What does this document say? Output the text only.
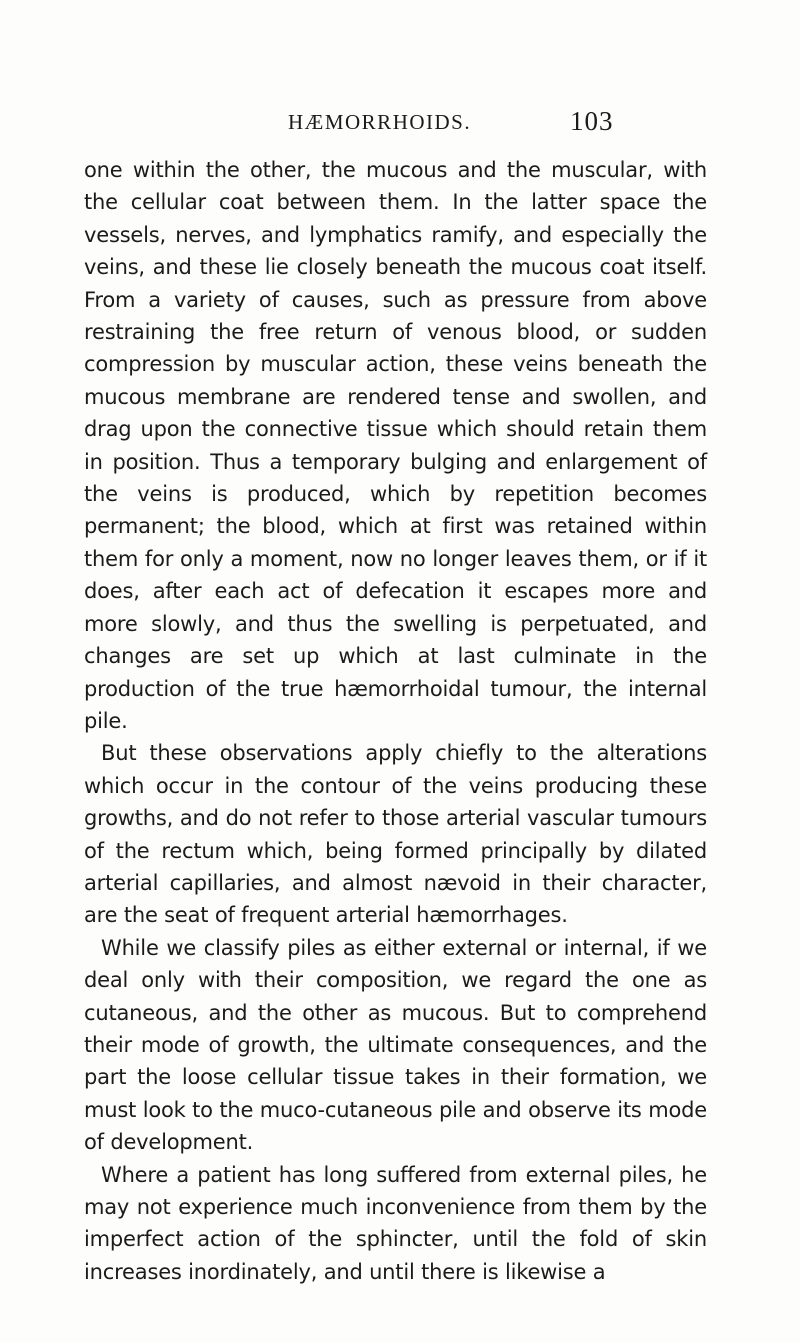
HÆMORRHOIDS.	103

one within the other, the mucous and the muscular, with the cellular coat between them. In the latter space the vessels, nerves, and lymphatics ramify, and especially the veins, and these lie closely beneath the mucous coat itself. From a variety of causes, such as pressure from above restraining the free return of venous blood, or sudden compression by muscular action, these veins beneath the mucous membrane are rendered tense and swollen, and drag upon the connective tissue which should retain them in position. Thus a temporary bulging and enlargement of the veins is produced, which by repetition becomes permanent; the blood, which at first was retained within them for only a moment, now no longer leaves them, or if it does, after each act of defecation it escapes more and more slowly, and thus the swelling is perpetuated, and changes are set up which at last culminate in the production of the true hæmorrhoidal tumour, the internal pile.

But these observations apply chiefly to the alterations which occur in the contour of the veins producing these growths, and do not refer to those arterial vascular tumours of the rectum which, being formed principally by dilated arterial capillaries, and almost nævoid in their character, are the seat of frequent arterial hæmorrhages.

While we classify piles as either external or internal, if we deal only with their composition, we regard the one as cutaneous, and the other as mucous. But to comprehend their mode of growth, the ultimate consequences, and the part the loose cellular tissue takes in their formation, we must look to the muco-cutaneous pile and observe its mode of development.

Where a patient has long suffered from external piles, he may not experience much inconvenience from them by the imperfect action of the sphincter, until the fold of skin increases inordinately, and until there is likewise a
